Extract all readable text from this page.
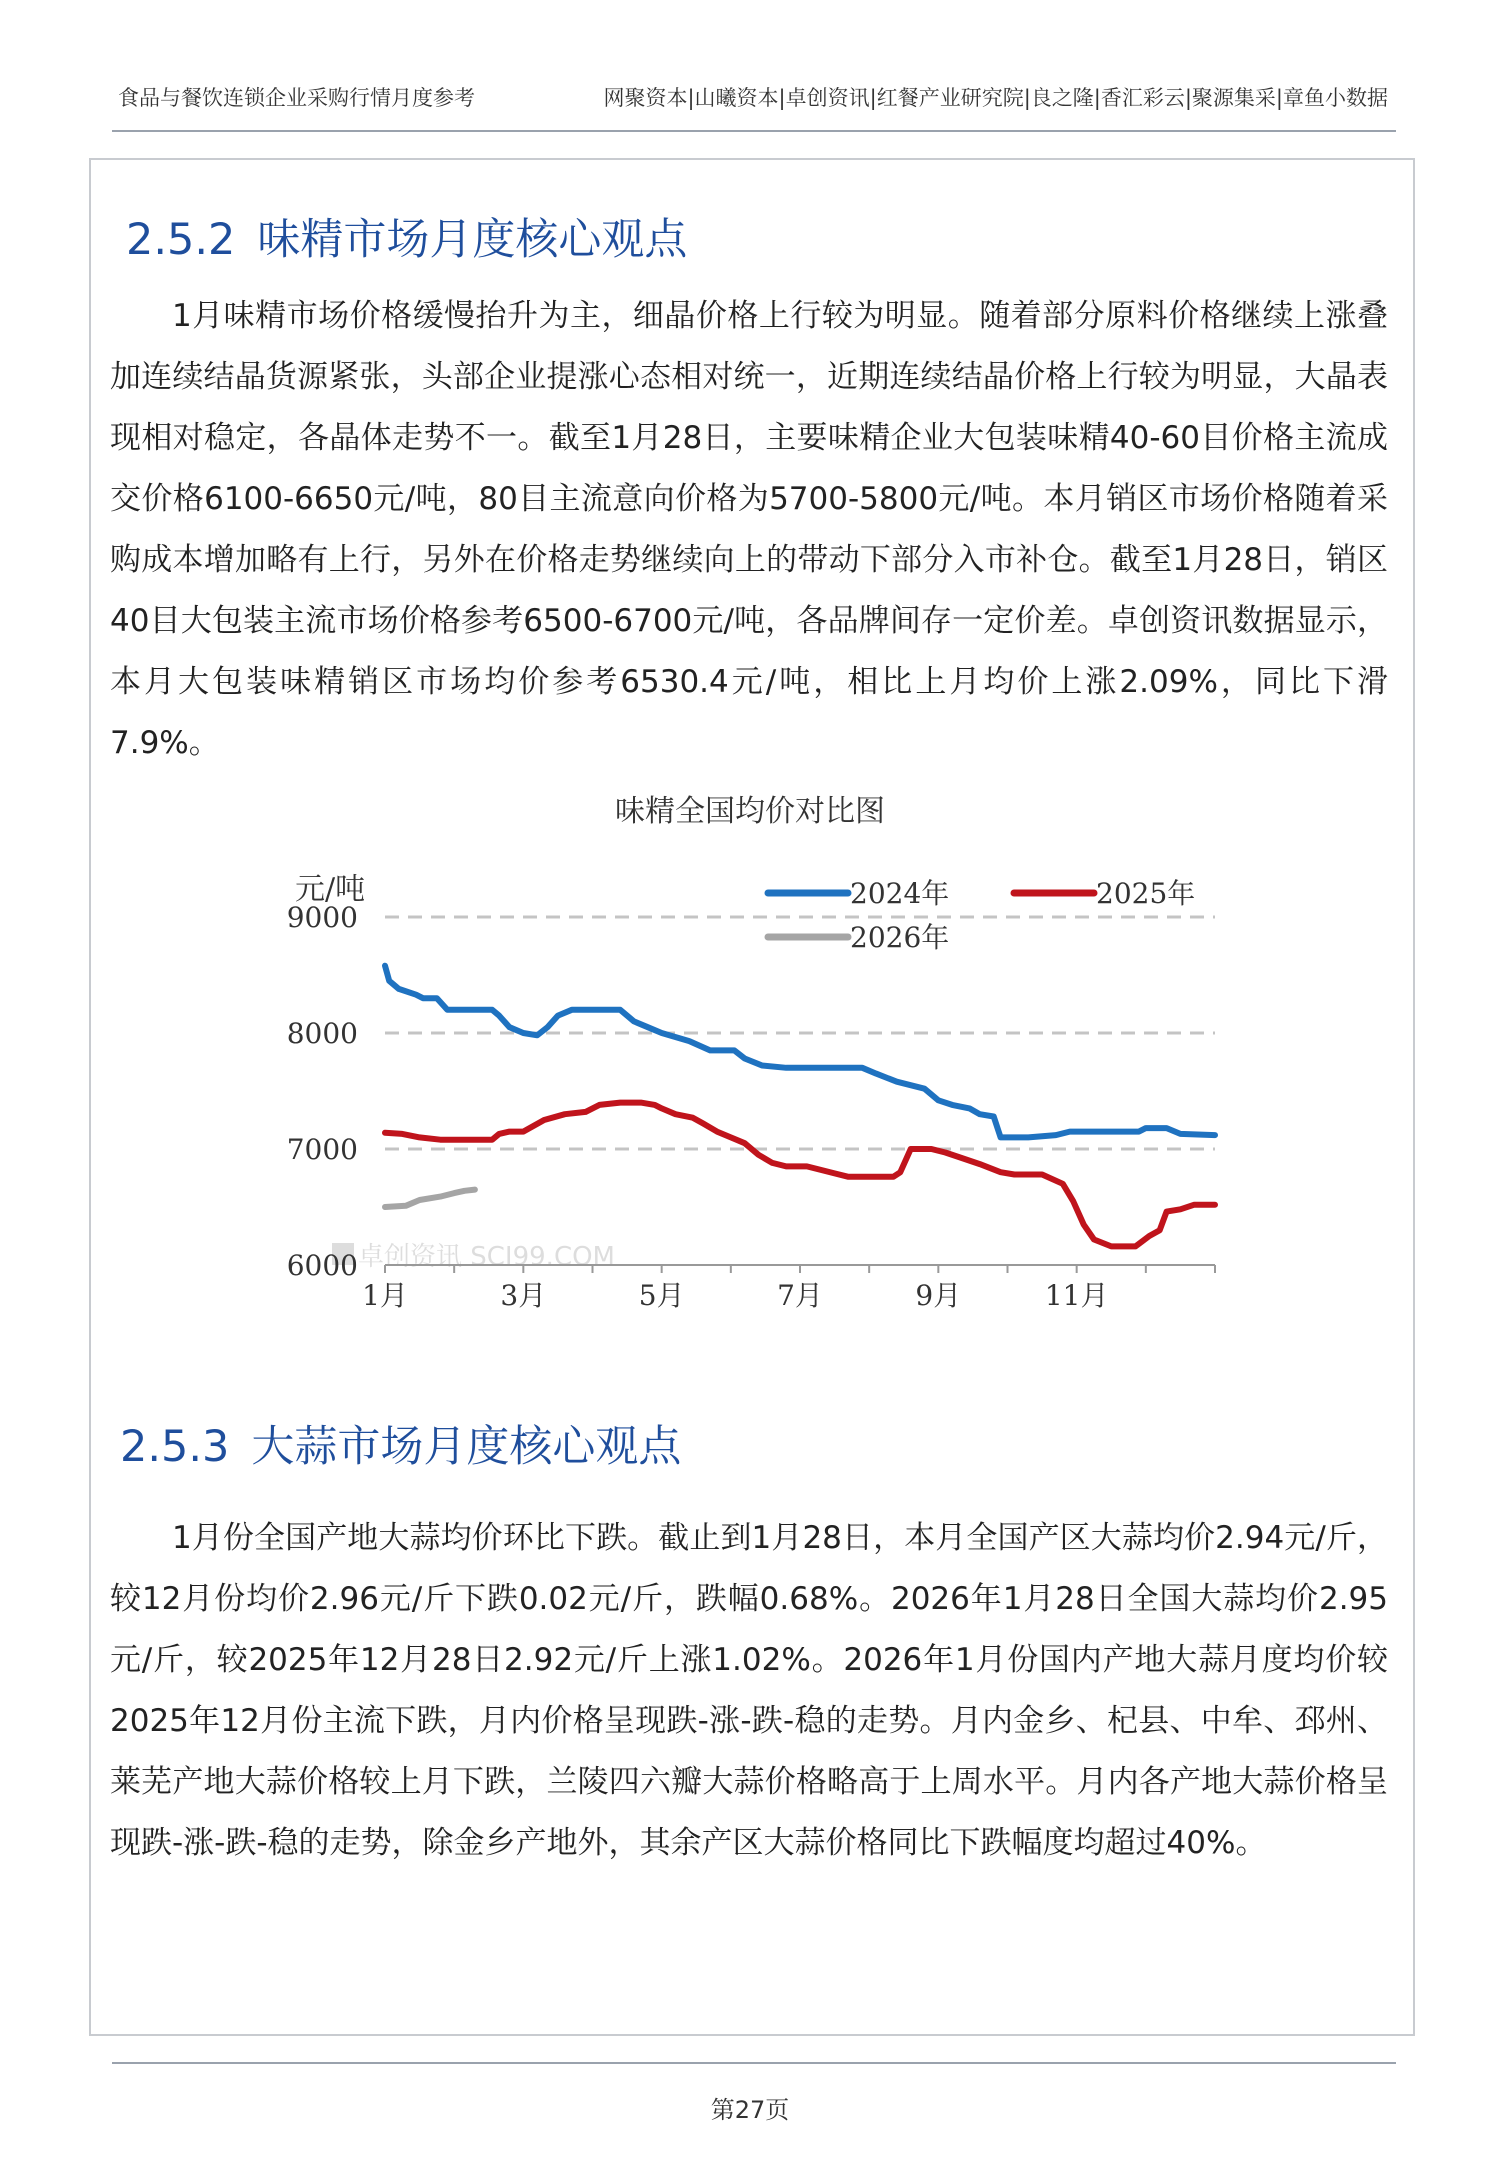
食品与餐饮连锁企业采购行情月度参考	网聚资本|山曦资本|卓创资讯|红餐产业研究院|良之隆|香汇彩云|聚源集采|章鱼小数据
2.5.2 味精市场月度核心观点

1月味精市场价格缓慢抬升为主，细晶价格上行较为明显。随着部分原料价格继续上涨叠加连续结晶货源紧张，头部企业提涨心态相对统一，近期连续结晶价格上行较为明显，大晶表现相对稳定，各晶体走势不一。截至1月28日，主要味精企业大包装味精40-60目价格主流成交价格6100-6650元/吨，80目主流意向价格为5700-5800元/吨。本月销区市场价格随着采购成本增加略有上行，另外在价格走势继续向上的带动下部分入市补仓。截至1月28日，销区40目大包装主流市场价格参考6500-6700元/吨，各品牌间存一定价差。卓创资讯数据显示，本月大包装味精销区市场均价参考6530.4元/吨，相比上月均价上涨2.09%，同比下滑7.9%。

味精全国均价对比图
卓创资讯 SCI99.COM
元/吨
6000
7000
8000
9000
1月	3月	5月	7月	9月	11月
2024年	2025年
2026年
2.5.3 大蒜市场月度核心观点

1月份全国产地大蒜均价环比下跌。截止到1月28日，本月全国产区大蒜均价2.94元/斤，较12月份均价2.96元/斤下跌0.02元/斤，跌幅0.68%。2026年1月28日全国大蒜均价2.95元/斤，较2025年12月28日2.92元/斤上涨1.02%。2026年1月份国内产地大蒜月度均价较2025年12月份主流下跌，月内价格呈现跌-涨-跌-稳的走势。月内金乡、杞县、中牟、邳州、莱芜产地大蒜价格较上月下跌，兰陵四六瓣大蒜价格略高于上周水平。月内各产地大蒜价格呈现跌-涨-跌-稳的走势，除金乡产地外，其余产区大蒜价格同比下跌幅度均超过40%。

第27页
